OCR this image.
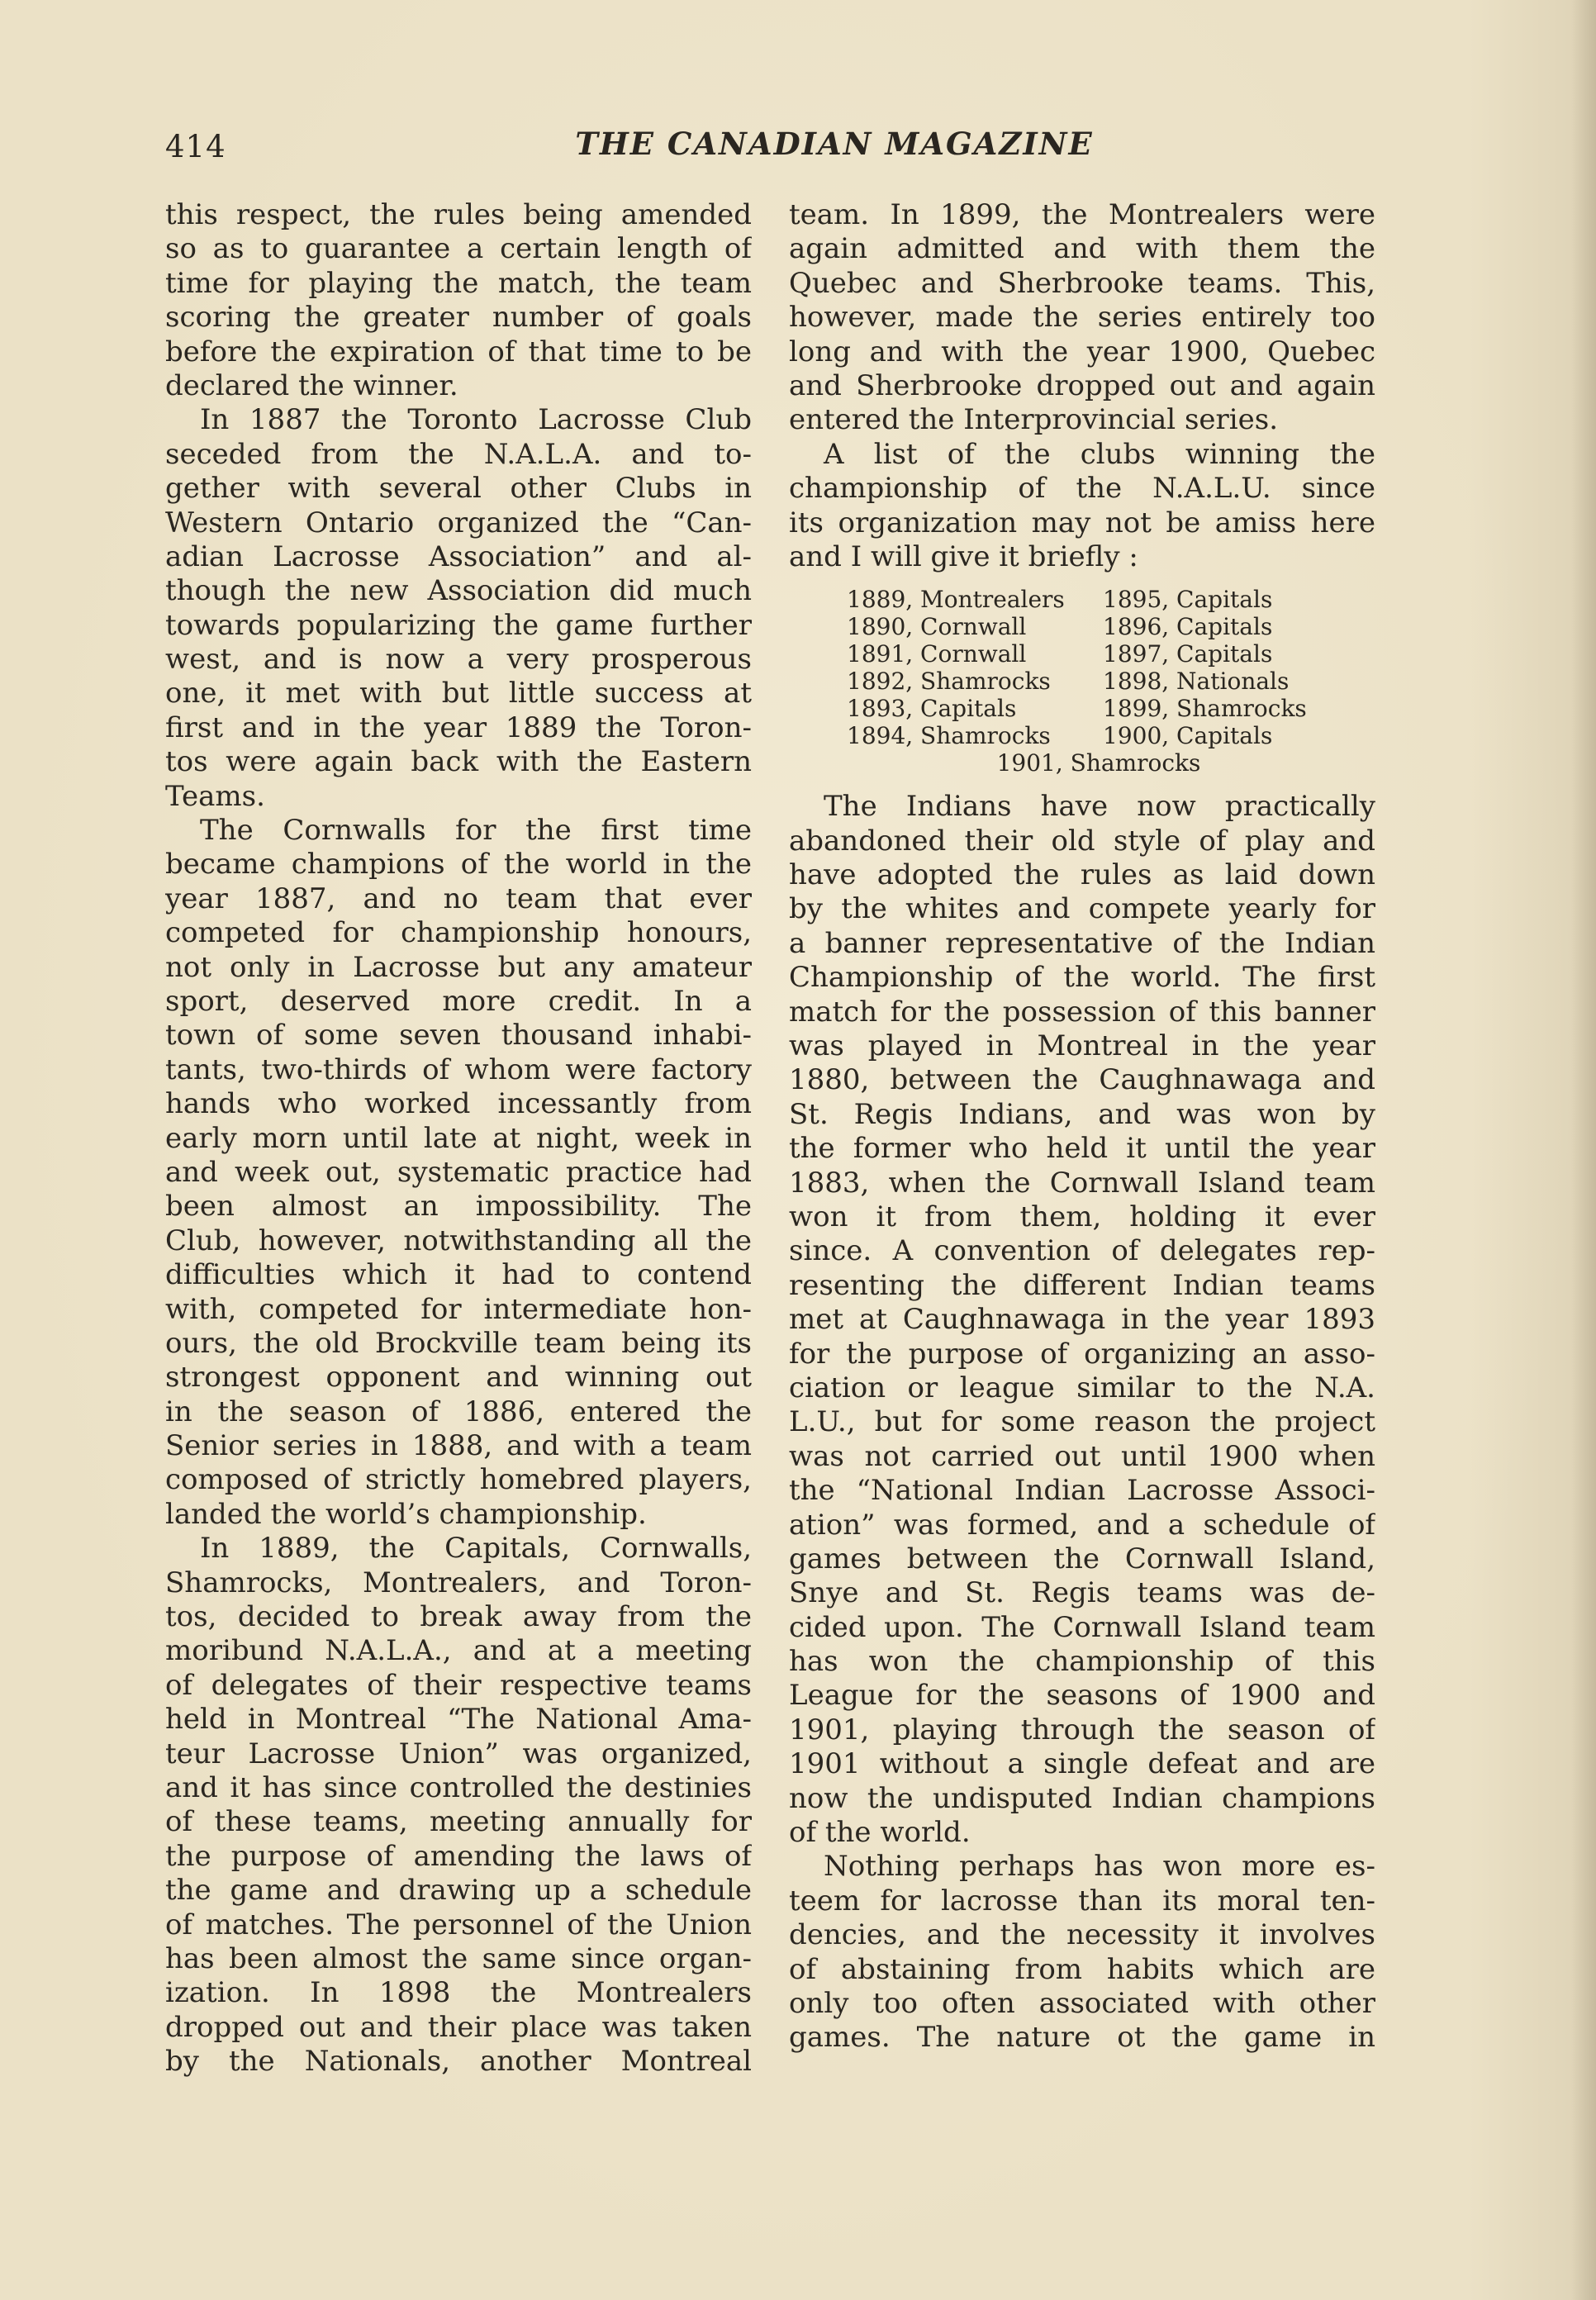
414	THE CANADIAN MAGAZINE
this respect, the rules being amended
so as to guarantee a certain length of
time for playing the match, the team
scoring the greater number of goals
before the expiration of that time to be
declared the winner.
In 1887 the Toronto Lacrosse Club
seceded from the N.A.L.A. and to-
gether with several other Clubs in
Western Ontario organized the “Can-
adian Lacrosse Association” and al-
though the new Association did much
towards popularizing the game further
west, and is now a very prosperous
one, it met with but little success at
first and in the year 1889 the Toron-
tos were again back with the Eastern
Teams.
The Cornwalls for the first time
became champions of the world in the
year 1887, and no team that ever
competed for championship honours,
not only in Lacrosse but any amateur
sport, deserved more credit. In a
town of some seven thousand inhabi-
tants, two-thirds of whom were factory
hands who worked incessantly from
early morn until late at night, week in
and week out, systematic practice had
been almost an impossibility. The
Club, however, notwithstanding all the
difficulties which it had to contend
with, competed for intermediate hon-
ours, the old Brockville team being its
strongest opponent and winning out
in the season of 1886, entered the
Senior series in 1888, and with a team
composed of strictly homebred players,
landed the world’s championship.
In 1889, the Capitals, Cornwalls,
Shamrocks, Montrealers, and Toron-
tos, decided to break away from the
moribund N.A.L.A., and at a meeting
of delegates of their respective teams
held in Montreal “The National Ama-
teur Lacrosse Union” was organized,
and it has since controlled the destinies
of these teams, meeting annually for
the purpose of amending the laws of
the game and drawing up a schedule
of matches. The personnel of the Union
has been almost the same since organ-
ization. In 1898 the Montrealers
dropped out and their place was taken
by the Nationals, another Montreal
team. In 1899, the Montrealers were
again admitted and with them the
Quebec and Sherbrooke teams. This,
however, made the series entirely too
long and with the year 1900, Quebec
and Sherbrooke dropped out and again
entered the Interprovincial series.
A list of the clubs winning the
championship of the N.A.L.U. since
its organization may not be amiss here
and I will give it briefly :
1889, Montrealers	1895, Capitals
1890, Cornwall	1896, Capitals
1891, Cornwall	1897, Capitals
1892, Shamrocks	1898, Nationals
1893, Capitals	1899, Shamrocks
1894, Shamrocks	1900, Capitals
1901, Shamrocks
The Indians have now practically
abandoned their old style of play and
have adopted the rules as laid down
by the whites and compete yearly for
a banner representative of the Indian
Championship of the world. The first
match for the possession of this banner
was played in Montreal in the year
1880, between the Caughnawaga and
St. Regis Indians, and was won by
the former who held it until the year
1883, when the Cornwall Island team
won it from them, holding it ever
since. A convention of delegates rep-
resenting the different Indian teams
met at Caughnawaga in the year 1893
for the purpose of organizing an asso-
ciation or league similar to the N.A.
L.U., but for some reason the project
was not carried out until 1900 when
the “National Indian Lacrosse Associ-
ation” was formed, and a schedule of
games between the Cornwall Island,
Snye and St. Regis teams was de-
cided upon. The Cornwall Island team
has won the championship of this
League for the seasons of 1900 and
1901, playing through the season of
1901 without a single defeat and are
now the undisputed Indian champions
of the world.
Nothing perhaps has won more es-
teem for lacrosse than its moral ten-
dencies, and the necessity it involves
of abstaining from habits which are
only too often associated with other
games. The nature ot the game in
